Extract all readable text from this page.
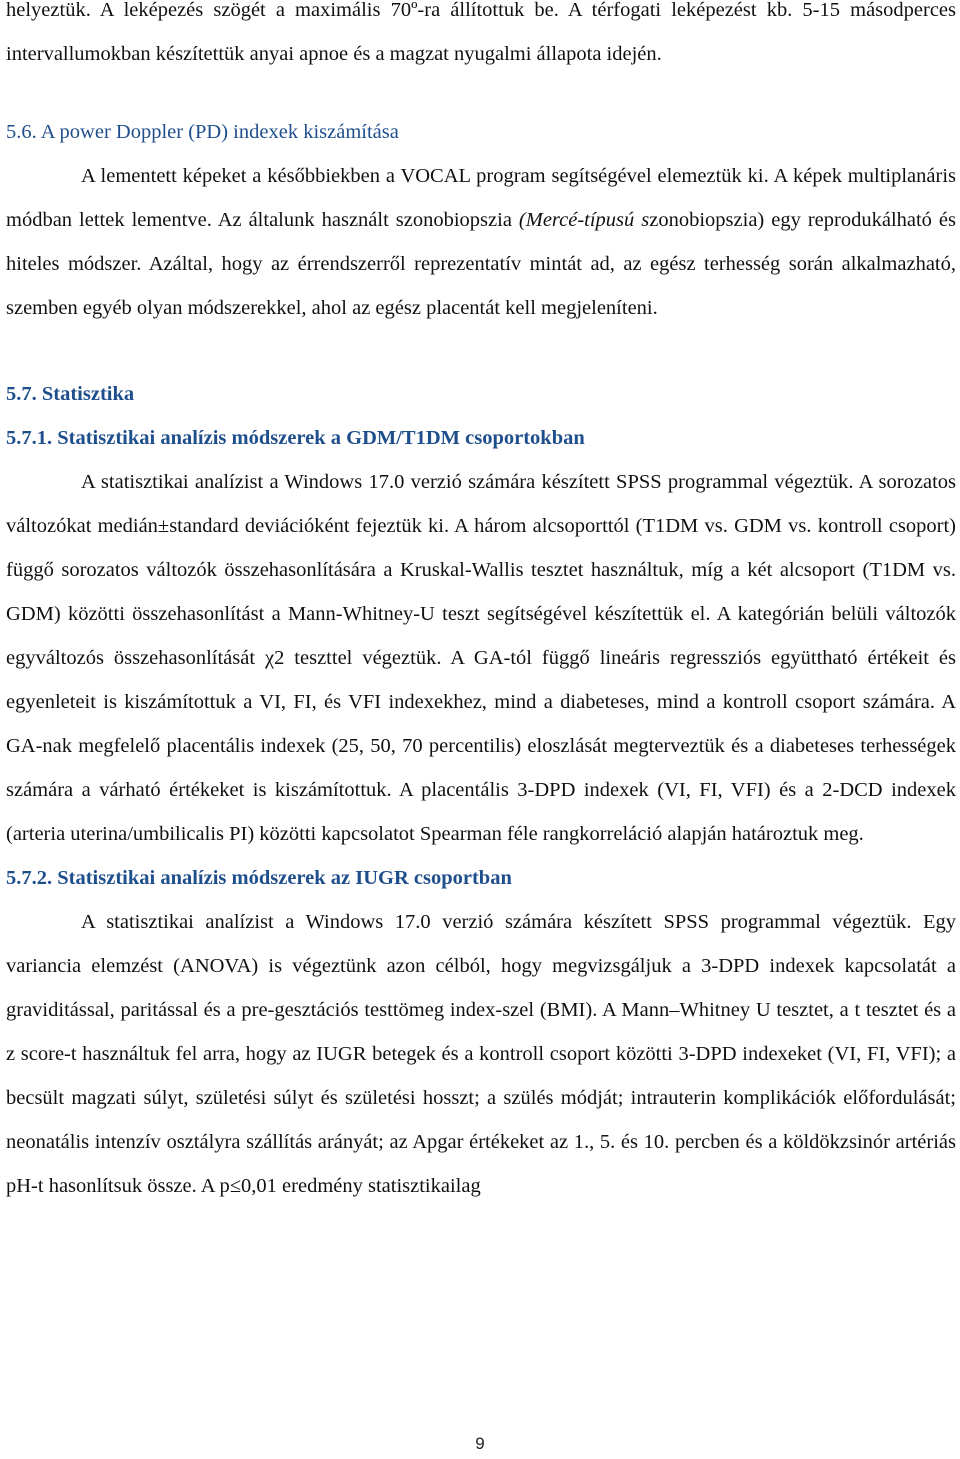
helyeztük. A leképezés szögét a maximális 70º-ra állítottuk be. A térfogati leképezést kb. 5-15 másodperces intervallumokban készítettük anyai apnoe és a magzat nyugalmi állapota idején.

5.6. A power Doppler (PD) indexek kiszámítása

A lementett képeket a későbbiekben a VOCAL program segítségével elemeztük ki. A képek multiplanáris módban lettek lementve. Az általunk használt szonobiopszia (Mercé-típusú szonobiopszia) egy reprodukálható és hiteles módszer. Azáltal, hogy az érrendszerről reprezentatív mintát ad, az egész terhesség során alkalmazható, szemben egyéb olyan módszerekkel, ahol az egész placentát kell megjeleníteni.

5.7. Statisztika

5.7.1. Statisztikai analízis módszerek a GDM/T1DM csoportokban

A statisztikai analízist a Windows 17.0 verzió számára készített SPSS programmal végeztük. A sorozatos változókat medián±standard deviációként fejeztük ki. A három alcsoporttól (T1DM vs. GDM vs. kontroll csoport) függő sorozatos változók összehasonlítására a Kruskal-Wallis tesztet használtuk, míg a két alcsoport (T1DM vs. GDM) közötti összehasonlítást a Mann-Whitney-U teszt segítségével készítettük el. A kategórián belüli változók egyváltozós összehasonlítását χ2 teszttel végeztük. A GA-tól függő lineáris regressziós együttható értékeit és egyenleteit is kiszámítottuk a VI, FI, és VFI indexekhez, mind a diabeteses, mind a kontroll csoport számára. A GA-nak megfelelő placentális indexek (25, 50, 70 percentilis) eloszlását megterveztük és a diabeteses terhességek számára a várható értékeket is kiszámítottuk. A placentális 3-DPD indexek (VI, FI, VFI) és a 2-DCD indexek (arteria uterina/umbilicalis PI) közötti kapcsolatot Spearman féle rangkorreláció alapján határoztuk meg.

5.7.2. Statisztikai analízis módszerek az IUGR csoportban

A statisztikai analízist a Windows 17.0 verzió számára készített SPSS programmal végeztük. Egy variancia elemzést (ANOVA) is végeztünk azon célból, hogy megvizsgáljuk a 3-DPD indexek kapcsolatát a graviditással, paritással és a pre-gesztációs testtömeg index-szel (BMI). A Mann–Whitney U tesztet, a t tesztet és a z score-t használtuk fel arra, hogy az IUGR betegek és a kontroll csoport közötti 3-DPD indexeket (VI, FI, VFI); a becsült magzati súlyt, születési súlyt és születési hosszt; a szülés módját; intrauterin komplikációk előfordulását; neonatális intenzív osztályra szállítás arányát; az Apgar értékeket az 1., 5. és 10. percben és a köldökzsinór artériás pH-t hasonlítsuk össze. A p≤0,01 eredmény statisztikailag

9
